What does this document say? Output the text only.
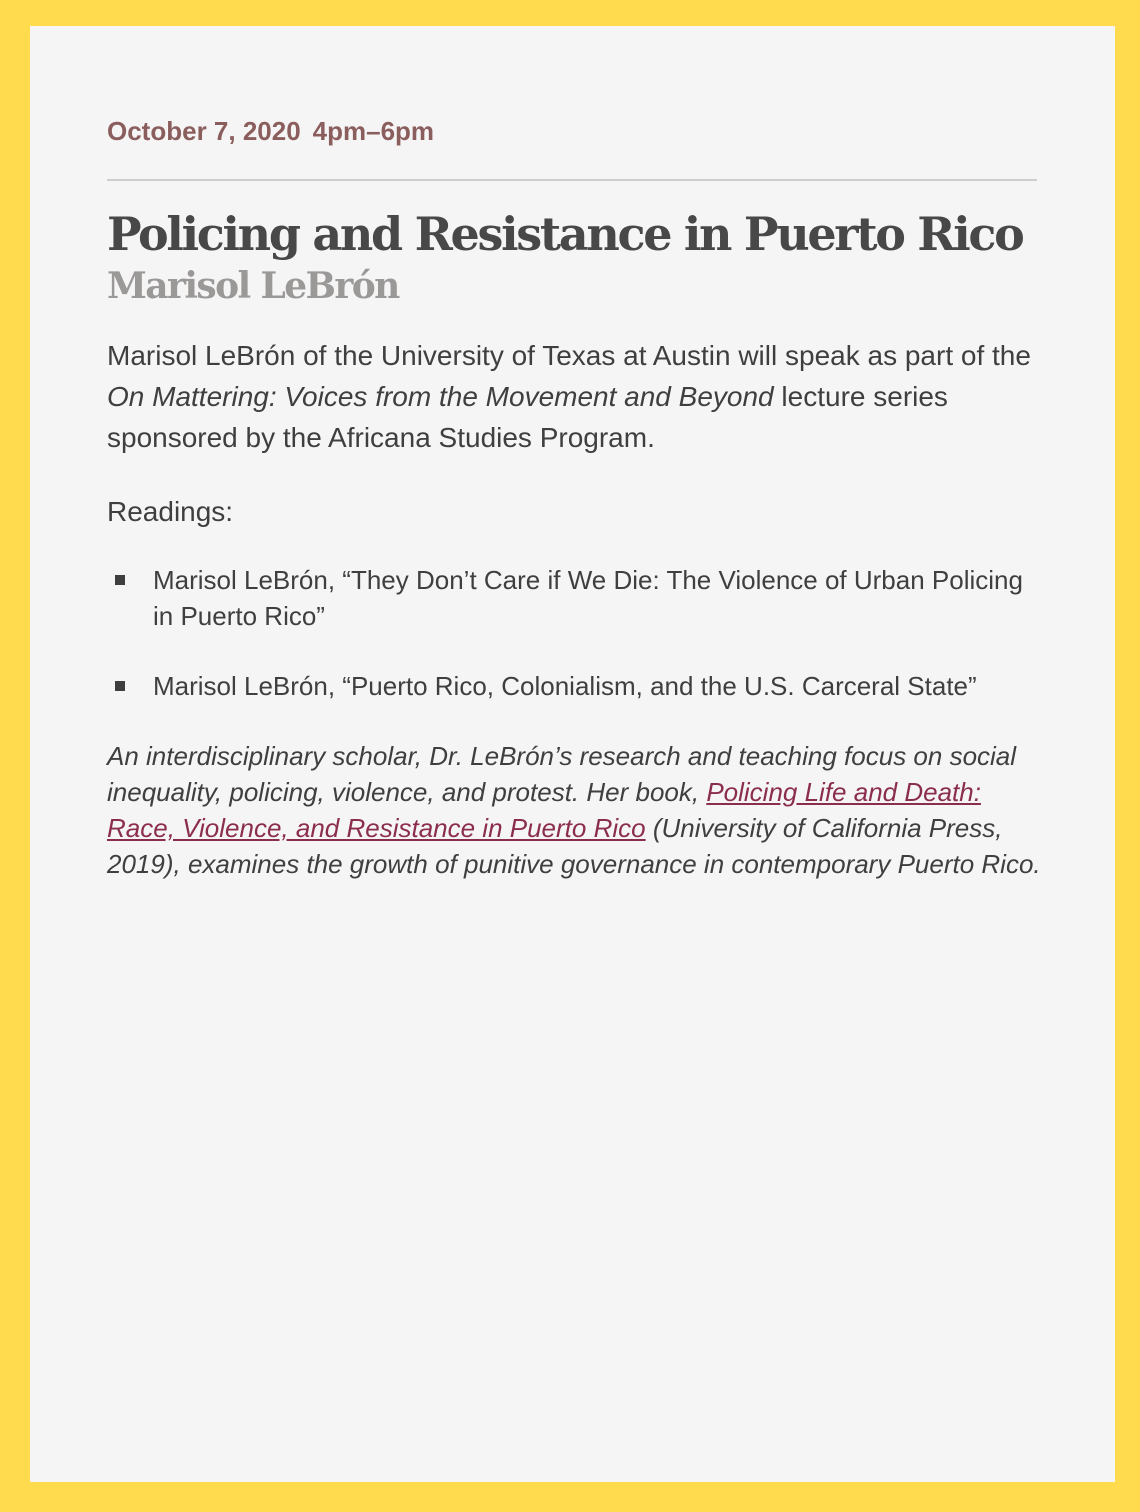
October 7, 2020 4pm–6pm
Policing and Resistance in Puerto Rico
Marisol LeBrón

Marisol LeBrón of the University of Texas at Austin will speak as part of the On Mattering: Voices from the Movement and Beyond lecture series sponsored by the Africana Studies Program.

Readings:
Marisol LeBrón, “They Don’t Care if We Die: The Violence of Urban Policing in Puerto Rico”
Marisol LeBrón, “Puerto Rico, Colonialism, and the U.S. Carceral State”

An interdisciplinary scholar, Dr. LeBrón’s research and teaching focus on social inequality, policing, violence, and protest. Her book, Policing Life and Death: Race, Violence, and Resistance in Puerto Rico (University of California Press, 2019), examines the growth of punitive governance in contemporary Puerto Rico.
